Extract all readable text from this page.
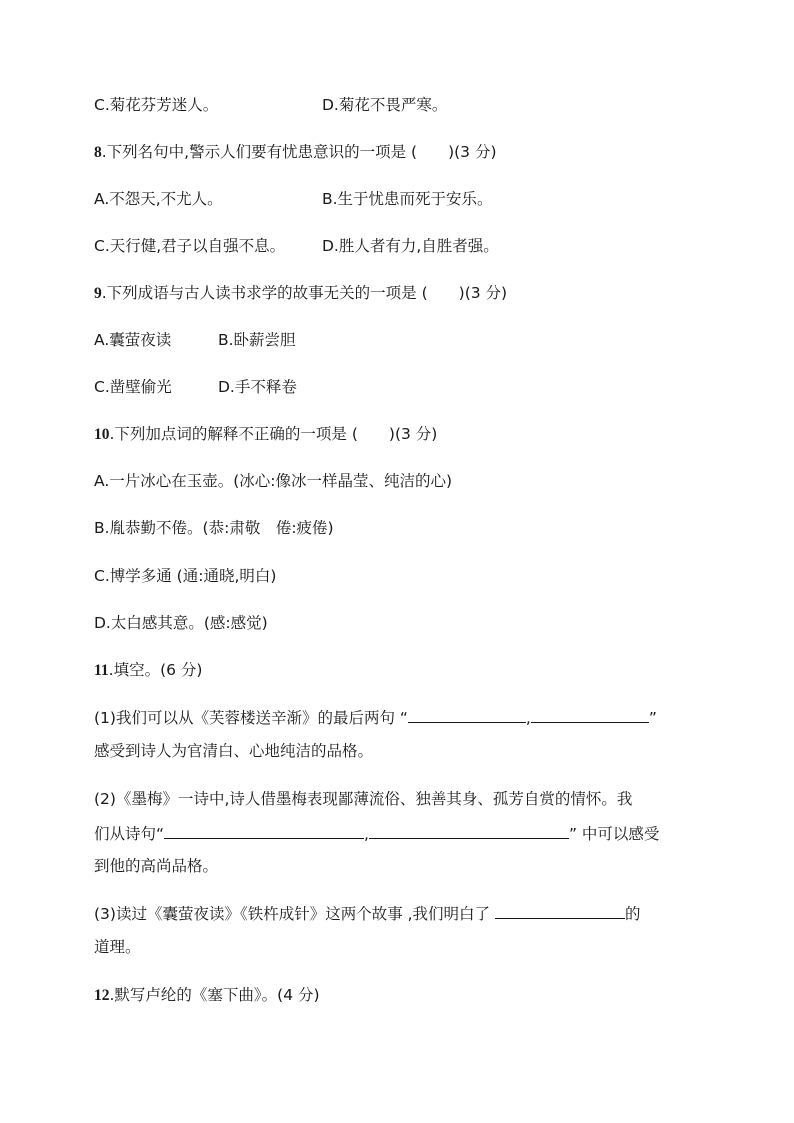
C.菊花芬芳迷人。	D.菊花不畏严寒。
8.下列名句中,警示人们要有忧患意识的一项是 (　　)(3 分)
A.不怨天,不尤人。	B.生于忧患而死于安乐。
C.天行健,君子以自强不息。 D.胜人者有力,自胜者强。
9.下列成语与古人读书求学的故事无关的一项是 (　　)(3 分)
A.囊萤夜读	B.卧薪尝胆
C.凿壁偷光	D.手不释卷
10.下列加点词的解释不正确的一项是 (　　)(3 分)
A.一片冰心在玉壶。(冰心:像冰一样晶莹、纯洁的心)
B.胤恭勤不倦。(恭:肃敬　倦:疲倦)
C.博学多通 (通:通晓,明白)
D.太白感其意。(感:感觉)
11.填空。(6 分)
(1)我们可以从《芙蓉楼送辛渐》的最后两句 “	,	”
感受到诗人为官清白、心地纯洁的品格。
(2)《墨梅》一诗中,诗人借墨梅表现鄙薄流俗、独善其身、孤芳自赏的情怀。我
们从诗句“	,	” 中可以感受
到他的高尚品格。
(3)读过《囊萤夜读》《铁杵成针》这两个故事 ,我们明白了	的
道理。
12.默写卢纶的《塞下曲》。(4 分)
